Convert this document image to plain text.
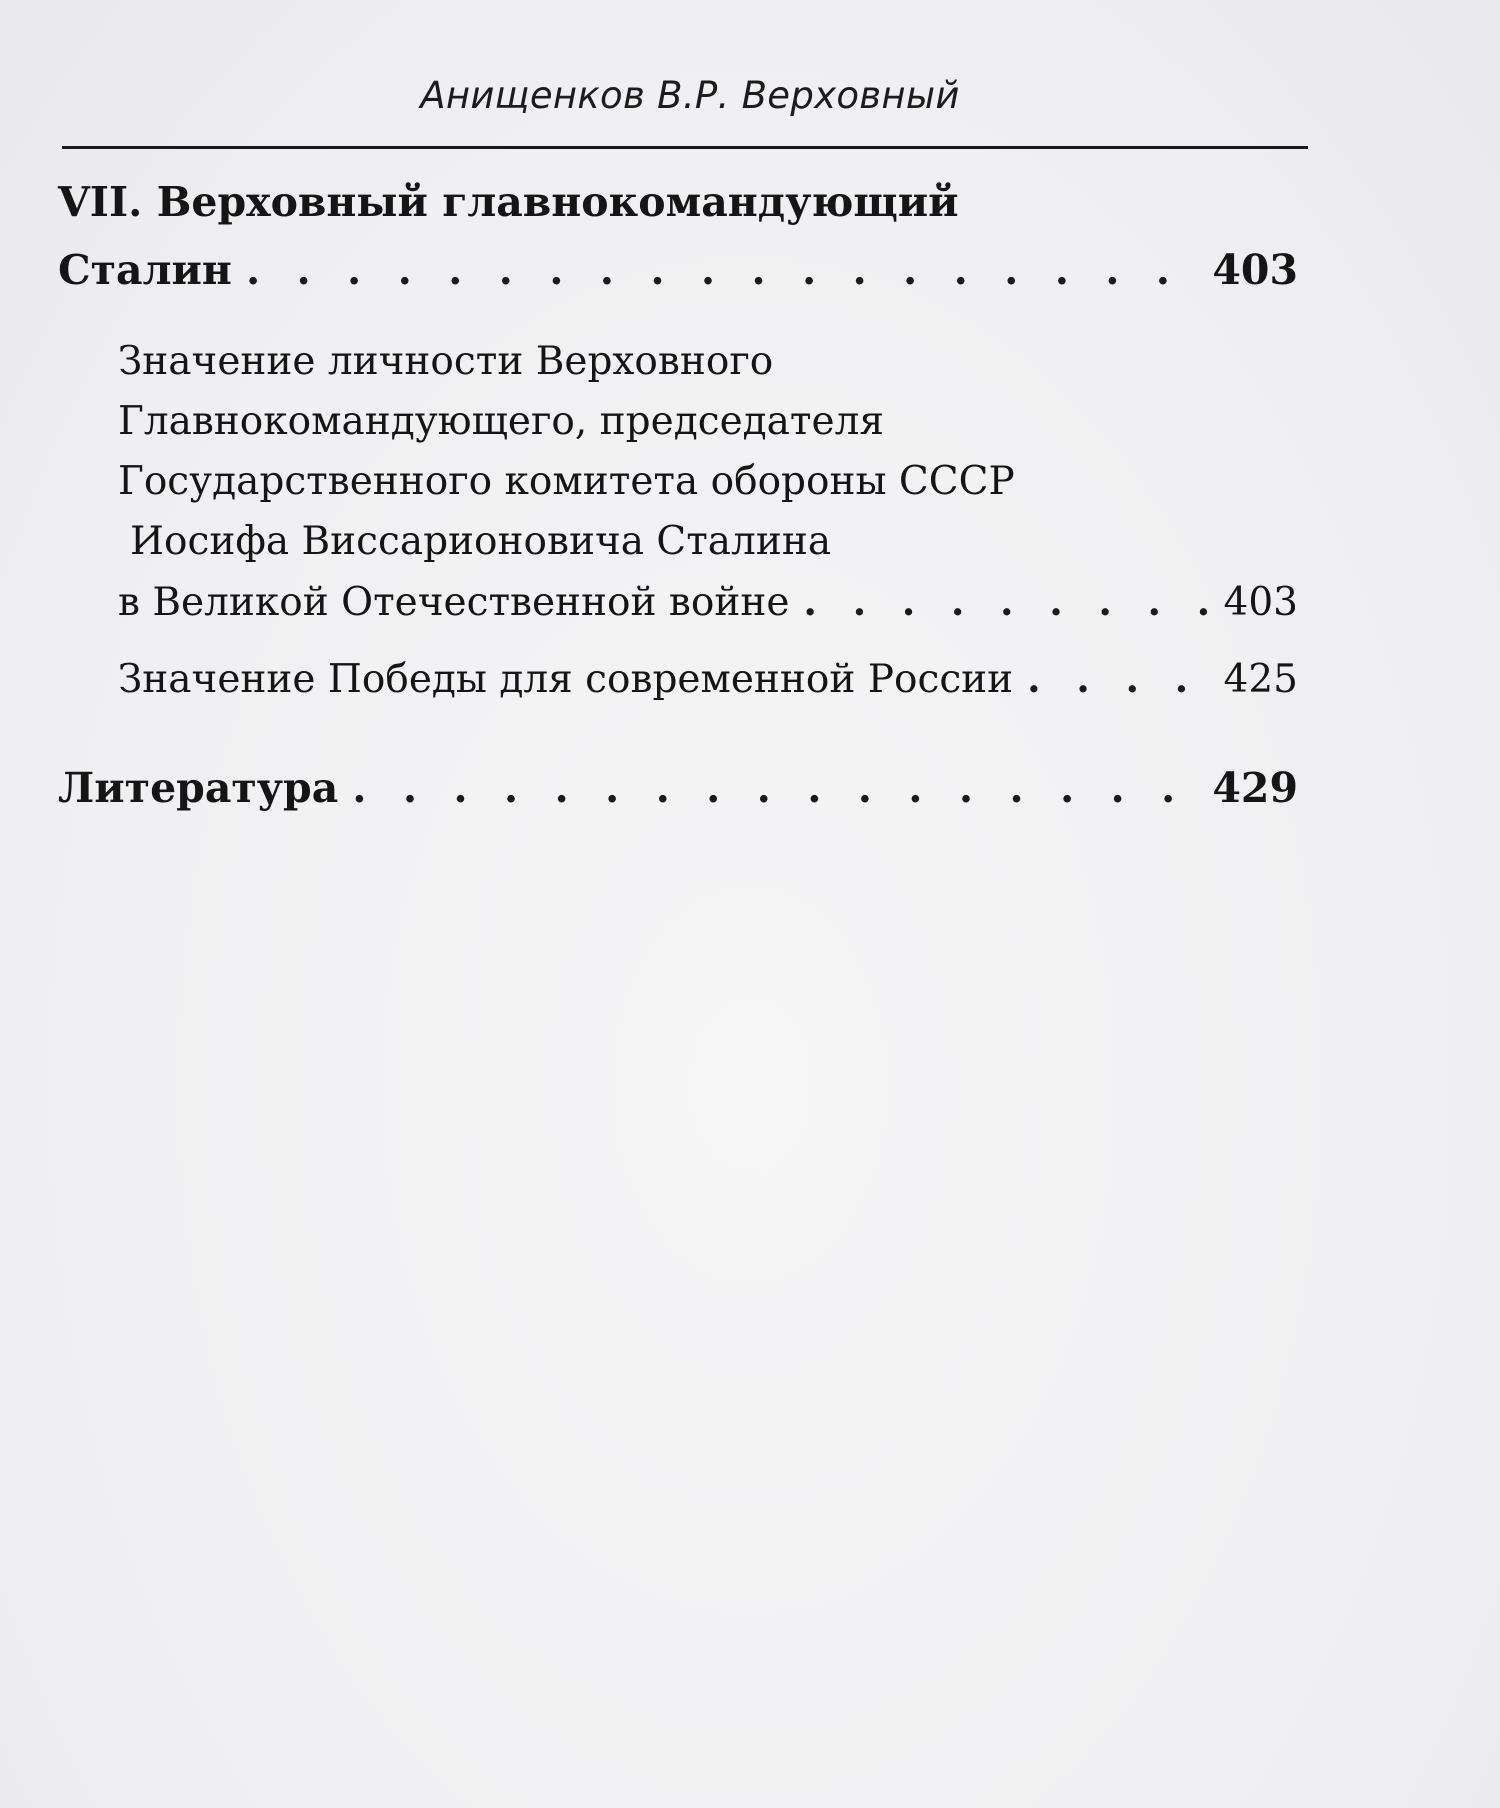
Анищенков В.Р. Верховный
VII. Верховный главнокомандующий
Сталин . . .	403
Значение личности Верховного
Главнокомандующего, председателя
Государственного комитета обороны СССР
Иосифа Виссарионовича Сталина
в Великой Отечественной войне . . .	403
Значение Победы для современной России . . .	425
Литература . . .	429
